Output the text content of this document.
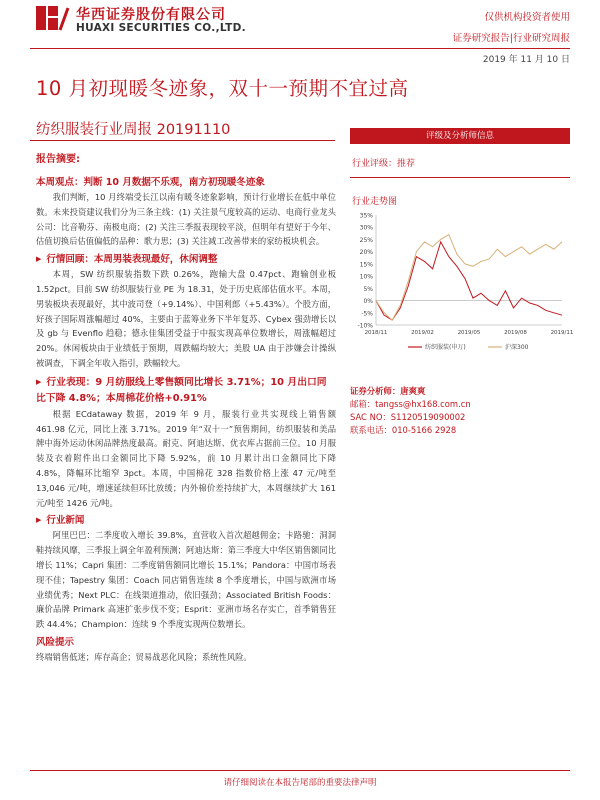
华西证券股份有限公司
HUAXI SECURITIES CO.,LTD.
仅供机构投资者使用
证券研究报告|行业研究周报
2019 年 11 月 10 日
10 月初现暖冬迹象，双十一预期不宜过高
纺织服装行业周报 20191110
报告摘要:
本周观点：判断 10 月数据不乐观，南方初现暖冬迹象
我们判断，10 月终端受长江以南有暖冬迹象影响，预计行业增长在低中单位数。未来投资建议我们分为三条主线：(1) 关注景气度较高的运动、电商行业龙头公司：比音勒芬、南极电商；(2) 关注三季报表现较平淡，但明年有望好于今年、估值切换后估值偏低的品种：歌力思；(3) 关注减工改善带来的家纺板块机会。
▶ 行情回顾：本周男装表现最好，休闲调整
本周，SW 纺织服装指数下跌 0.26%，跑输大盘 0.47pct、跑输创业板 1.52pct。目前 SW 纺织服装行业 PE 为 18.31，处于历史底部估值水平。本周，男装板块表现最好，其中波司登（+9.14%）、中国利郎（+5.43%）。个股方面，好孩子国际周涨幅超过 40%，主要由于蓝筹业务下半年复苏、Cybex 强劲增长以及 gb 与 Evenflo 趋稳；德永佳集团受益于中报实现高单位数增长，周涨幅超过 20%。休闲板块由于业绩低于预期，周跌幅均较大；美股 UA 由于涉嫌会计操纵被调查，下调全年收入指引，跌幅较大。
▶ 行业表现：9 月纺服线上零售额同比增长 3.71%；10 月出口同比下降 4.8%；本周棉花价格+0.91%
根据 ECdataway 数据，2019 年 9 月，服装行业共实现线上销售额 461.98 亿元，同比上涨 3.71%。2019 年“双十一”预售期间，纺织服装和美品牌中海外运动休闲品牌热度最高。耐克、阿迪达斯、优衣库占据前三位。10 月服装及衣着附件出口金额同比下降 5.92%，前 10 月累计出口金额同比下降 4.8%，降幅环比缩窄 3pct。本周，中国棉花 328 指数价格上涨 47 元/吨至 13,046 元/吨，增速延续但环比放缓；内外棉价差持续扩大，本周继续扩大 161 元/吨至 1426 元/吨。
▶ 行业新闻
阿里巴巴：二季度收入增长 39.8%，直营收入首次超越佣金；卡路驰：洞洞鞋持续风靡，三季报上调全年盈利预测；阿迪达斯：第三季度大中华区销售额同比增长 11%；Capri 集团：二季度销售额同比增长 15.1%；Pandora：中国市场表现不佳；Tapestry 集团：Coach 同店销售连续 8 个季度增长，中国与欧洲市场业绩优秀；Next PLC：在线渠道推动，依旧强劲；Associated British Foods：廉价品牌 Primark 高速扩张步伐不变；Esprit：亚洲市场名存实亡，首季销售狂跌 44.4%；Champion：连续 9 个季度实现两位数增长。
风险提示
终端销售低迷；库存高企；贸易战恶化风险；系统性风险。
评级及分析师信息
行业评级：推荐
行业走势图
35%
30%
25%
20%
15%
10%
5%
0%
-5%
-10%
2018/11	2019/02	2019/05	2019/08	2019/11
纺织服装(申万)	沪深300
证券分析师：唐爽爽
邮箱：tangss@hx168.com.cn
SAC NO：S1120519090002
联系电话：010-5166 2928
请仔细阅读在本报告尾部的重要法律声明
